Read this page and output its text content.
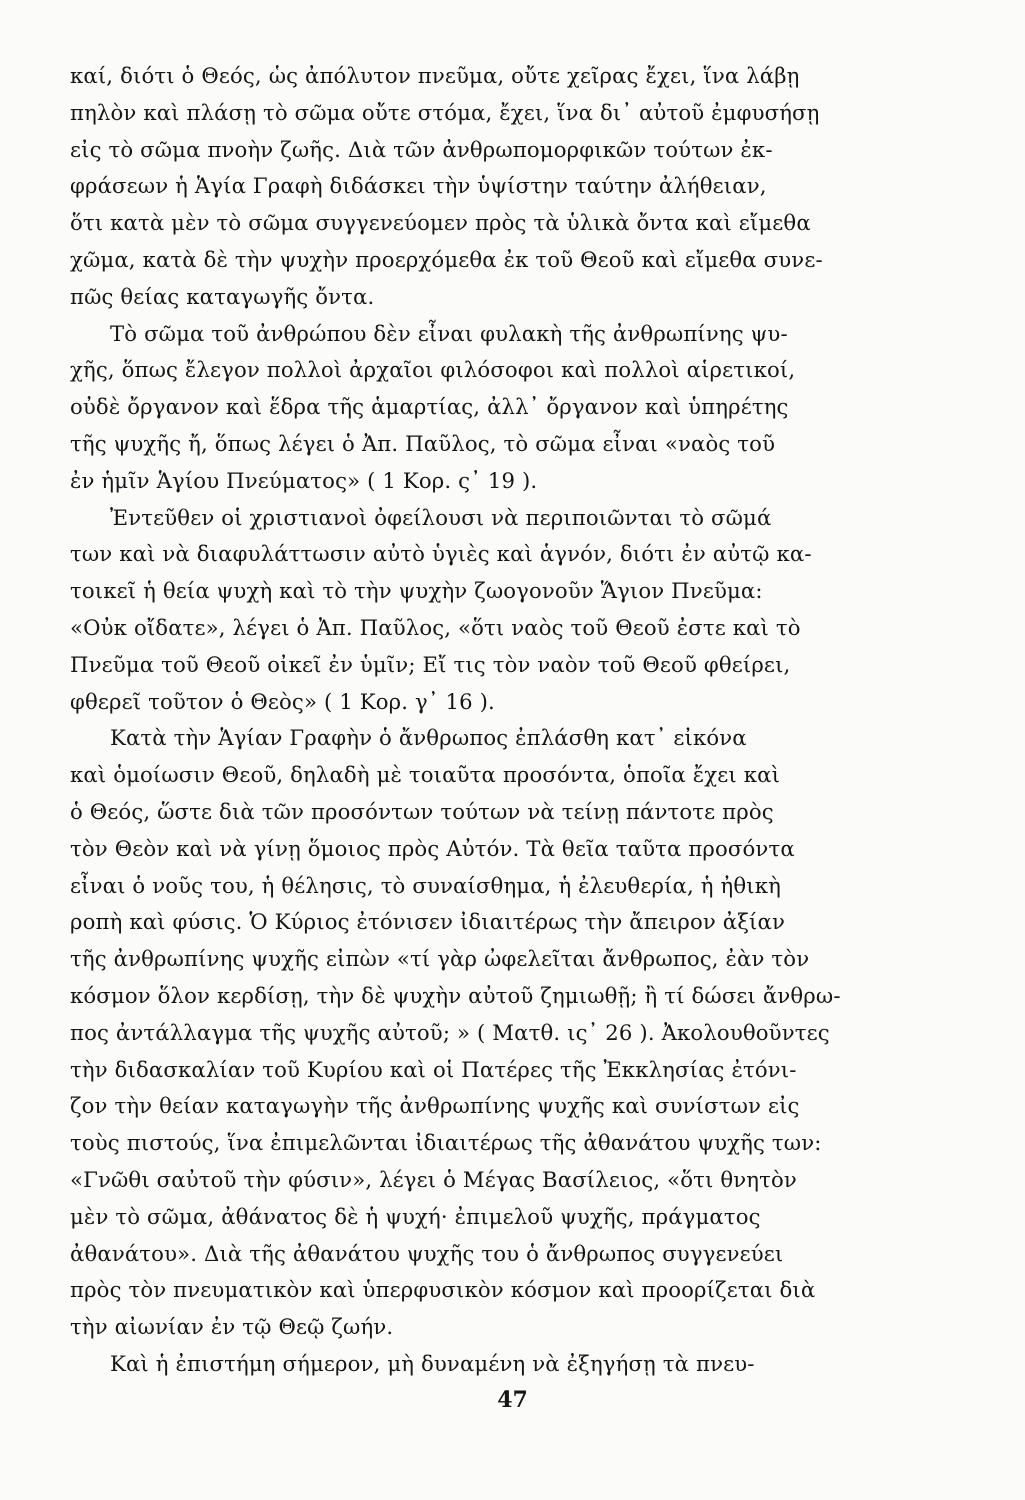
καί, διότι ὁ Θεός, ὡς ἀπόλυτον πνεῦμα, οὔτε χεῖρας ἔχει, ἵνα λάβῃ
πηλὸν καὶ πλάσῃ τὸ σῶμα οὔτε στόμα, ἔχει, ἵνα δι᾽ αὐτοῦ ἐμφυσήσῃ
εἰς τὸ σῶμα πνοὴν ζωῆς. Διὰ τῶν ἀνθρωπομορφικῶν τούτων ἐκ-
φράσεων ἡ Ἁγία Γραφὴ διδάσκει τὴν ὑψίστην ταύτην ἀλήθειαν,
ὅτι κατὰ μὲν τὸ σῶμα συγγενεύομεν πρὸς τὰ ὑλικὰ ὄντα καὶ εἴμεθα
χῶμα, κατὰ δὲ τὴν ψυχὴν προερχόμεθα ἐκ τοῦ Θεοῦ καὶ εἴμεθα συνε-
πῶς θείας καταγωγῆς ὄντα.
Τὸ σῶμα τοῦ ἀνθρώπου δὲν εἶναι φυλακὴ τῆς ἀνθρωπίνης ψυ-
χῆς, ὅπως ἔλεγον πολλοὶ ἀρχαῖοι φιλόσοφοι καὶ πολλοὶ αἱρετικοί,
οὐδὲ ὄργανον καὶ ἕδρα τῆς ἁμαρτίας, ἀλλ᾽ ὄργανον καὶ ὑπηρέτης
τῆς ψυχῆς ἤ, ὅπως λέγει ὁ Ἀπ. Παῦλος, τὸ σῶμα εἶναι «ναὸς τοῦ
ἐν ἡμῖν Ἁγίου Πνεύματος» ( 1 Κορ. ς᾽ 19 ).
Ἐντεῦθεν οἱ χριστιανοὶ ὀφείλουσι νὰ περιποιῶνται τὸ σῶμά
των καὶ νὰ διαφυλάττωσιν αὐτὸ ὑγιὲς καὶ ἁγνόν, διότι ἐν αὐτῷ κα-
τοικεῖ ἡ θεία ψυχὴ καὶ τὸ τὴν ψυχὴν ζωογονοῦν Ἅγιον Πνεῦμα:
«Οὐκ οἴδατε», λέγει ὁ Ἀπ. Παῦλος, «ὅτι ναὸς τοῦ Θεοῦ ἐστε καὶ τὸ
Πνεῦμα τοῦ Θεοῦ οἰκεῖ ἐν ὑμῖν; Εἴ τις τὸν ναὸν τοῦ Θεοῦ φθείρει,
φθερεῖ τοῦτον ὁ Θεὸς» ( 1 Κορ. γ᾽ 16 ).
Κατὰ τὴν Ἁγίαν Γραφὴν ὁ ἄνθρωπος ἐπλάσθη κατ᾽ εἰκόνα
καὶ ὁμοίωσιν Θεοῦ, δηλαδὴ μὲ τοιαῦτα προσόντα, ὁποῖα ἔχει καὶ
ὁ Θεός, ὥστε διὰ τῶν προσόντων τούτων νὰ τείνῃ πάντοτε πρὸς
τὸν Θεὸν καὶ νὰ γίνῃ ὅμοιος πρὸς Αὐτόν. Τὰ θεῖα ταῦτα προσόντα
εἶναι ὁ νοῦς του, ἡ θέλησις, τὸ συναίσθημα, ἡ ἐλευθερία, ἡ ἠθικὴ
ροπὴ καὶ φύσις. Ὁ Κύριος ἐτόνισεν ἰδιαιτέρως τὴν ἄπειρον ἀξίαν
τῆς ἀνθρωπίνης ψυχῆς εἰπὼν «τί γὰρ ὠφελεῖται ἄνθρωπος, ἐὰν τὸν
κόσμον ὅλον κερδίσῃ, τὴν δὲ ψυχὴν αὐτοῦ ζημιωθῇ; ἢ τί δώσει ἄνθρω-
πος ἀντάλλαγμα τῆς ψυχῆς αὐτοῦ; » ( Ματθ. ις᾽ 26 ). Ἀκολουθοῦντες
τὴν διδασκαλίαν τοῦ Κυρίου καὶ οἱ Πατέρες τῆς Ἐκκλησίας ἐτόνι-
ζον τὴν θείαν καταγωγὴν τῆς ἀνθρωπίνης ψυχῆς καὶ συνίστων εἰς
τοὺς πιστούς, ἵνα ἐπιμελῶνται ἰδιαιτέρως τῆς ἀθανάτου ψυχῆς των:
«Γνῶθι σαὐτοῦ τὴν φύσιν», λέγει ὁ Μέγας Βασίλειος, «ὅτι θνητὸν
μὲν τὸ σῶμα, ἀθάνατος δὲ ἡ ψυχή· ἐπιμελοῦ ψυχῆς, πράγματος
ἀθανάτου». Διὰ τῆς ἀθανάτου ψυχῆς του ὁ ἄνθρωπος συγγενεύει
πρὸς τὸν πνευματικὸν καὶ ὑπερφυσικὸν κόσμον καὶ προορίζεται διὰ
τὴν αἰωνίαν ἐν τῷ Θεῷ ζωήν.
Καὶ ἡ ἐπιστήμη σήμερον, μὴ δυναμένη νὰ ἐξηγήσῃ τὰ πνευ-
47
